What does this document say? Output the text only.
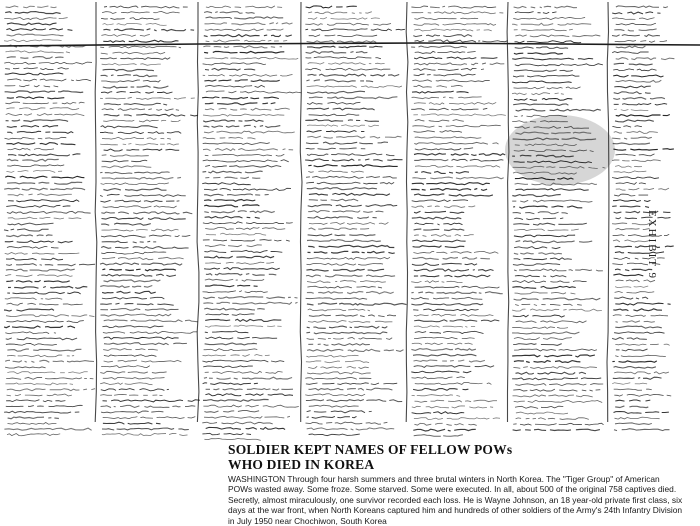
EXHIBIT 9
SOLDIER KEPT NAMES OF FELLOW POWs
WHO DIED IN KOREA

WASHINGTON Through four harsh summers and three brutal winters in North Korea. The "Tiger Group" of American POWs wasted away. Some froze. Some starved. Some were executed. In all, about 500 of the original 758 captives died. Secretly, almost miraculously, one survivor recorded each loss. He is Wayne Johnson, an 18 year-old private first class, six days at the war front, when North Koreans captured him and hundreds of other soldiers of the Army's 24th Infantry Division in July 1950 near Chochiwon, South Korea
